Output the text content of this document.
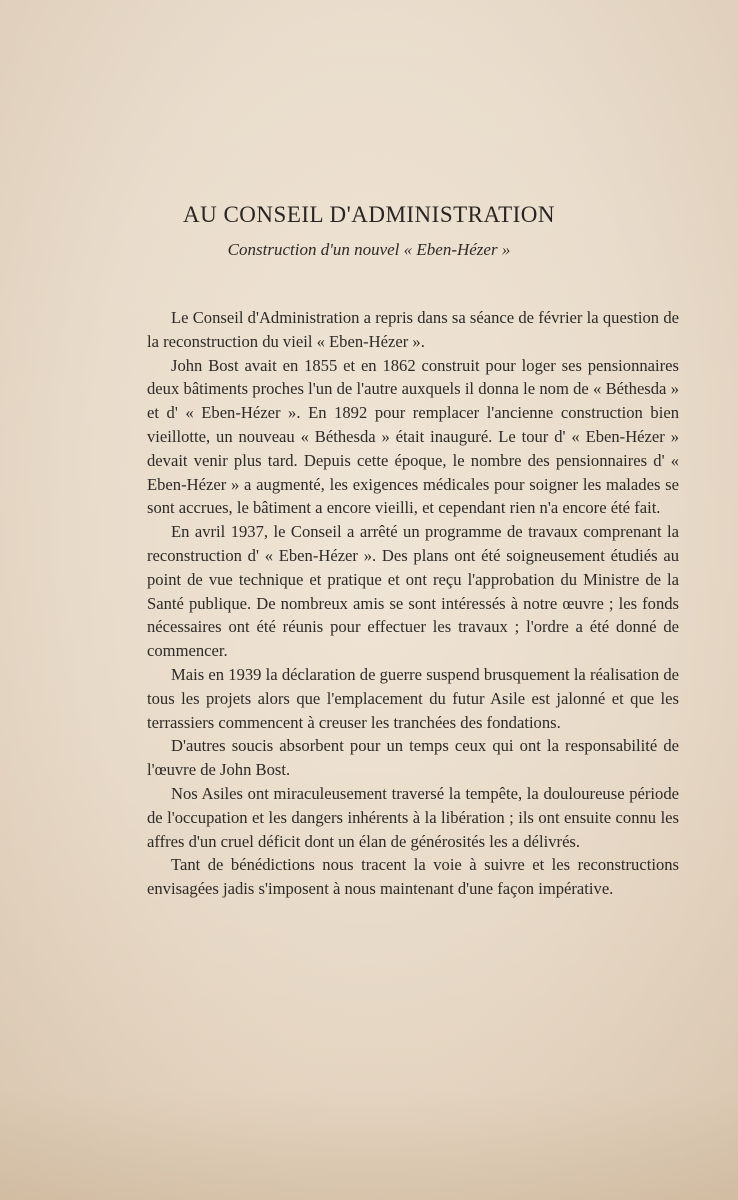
AU CONSEIL D'ADMINISTRATION
Construction d'un nouvel « Eben-Hézer »

Le Conseil d'Administration a repris dans sa séance de février la question de la reconstruction du vieil « Eben-Hézer ».

John Bost avait en 1855 et en 1862 construit pour loger ses pensionnaires deux bâtiments proches l'un de l'autre auxquels il donna le nom de « Béthesda » et d' « Eben-Hézer ». En 1892 pour remplacer l'ancienne construction bien vieillotte, un nouveau « Béthesda » était inauguré. Le tour d' « Eben-Hézer » devait venir plus tard. Depuis cette époque, le nombre des pensionnaires d' « Eben-Hézer » a augmenté, les exigences médicales pour soigner les malades se sont accrues, le bâtiment a encore vieilli, et cependant rien n'a encore été fait.

En avril 1937, le Conseil a arrêté un programme de travaux comprenant la reconstruction d' « Eben-Hézer ». Des plans ont été soigneusement étudiés au point de vue technique et pratique et ont reçu l'approbation du Ministre de la Santé publique. De nombreux amis se sont intéressés à notre œuvre ; les fonds nécessaires ont été réunis pour effectuer les travaux ; l'ordre a été donné de commencer.

Mais en 1939 la déclaration de guerre suspend brusquement la réalisation de tous les projets alors que l'emplacement du futur Asile est jalonné et que les terrassiers commencent à creuser les tranchées des fondations.

D'autres soucis absorbent pour un temps ceux qui ont la responsabilité de l'œuvre de John Bost.

Nos Asiles ont miraculeusement traversé la tempête, la douloureuse période de l'occupation et les dangers inhérents à la libération ; ils ont ensuite connu les affres d'un cruel déficit dont un élan de générosités les a délivrés.

Tant de bénédictions nous tracent la voie à suivre et les reconstructions envisagées jadis s'imposent à nous maintenant d'une façon impérative.
